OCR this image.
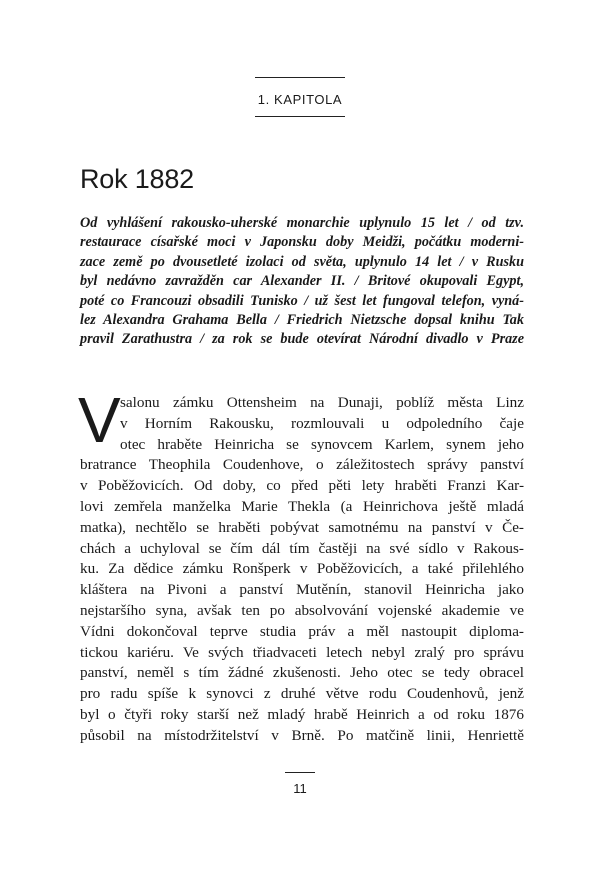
1. KAPITOLA
Rok 1882
Od vyhlášení rakousko-uherské monarchie uplynulo 15 let / od tzv.
restaurace císařské moci v Japonsku doby Meidži, počátku moderni-
zace země po dvousetleté izolaci od světa, uplynulo 14 let / v Rusku
byl nedávno zavražděn car Alexander II. / Britové okupovali Egypt,
poté co Francouzi obsadili Tunisko / už šest let fungoval telefon, vyná-
lez Alexandra Grahama Bella / Friedrich Nietzsche dopsal knihu Tak
pravil Zarathustra / za rok se bude otevírat Národní divadlo v Praze
V salonu zámku Ottensheim na Dunaji, poblíž města Linz
v Horním Rakousku, rozmlouvali u odpoledního čaje
otec hraběte Heinricha se synovcem Karlem, synem jeho
bratrance Theophila Coudenhove, o záležitostech správy panství
v Poběžovicích. Od doby, co před pěti lety hraběti Franzi Kar-
lovi zemřela manželka Marie Thekla (a Heinrichova ještě mladá
matka), nechtělo se hraběti pobývat samotnému na panství v Če-
chách a uchyloval se čím dál tím častěji na své sídlo v Rakous-
ku. Za dědice zámku Ronšperk v Poběžovicích, a také přilehlého
kláštera na Pivoni a panství Mutěnín, stanovil Heinricha jako
nejstaršího syna, avšak ten po absolvování vojenské akademie ve
Vídni dokončoval teprve studia práv a měl nastoupit diploma-
tickou kariéru. Ve svých třiadvaceti letech nebyl zralý pro správu
panství, neměl s tím žádné zkušenosti. Jeho otec se tedy obracel
pro radu spíše k synovci z druhé větve rodu Coudenhovů, jenž
byl o čtyři roky starší než mladý hrabě Heinrich a od roku 1876
působil na místodržitelství v Brně. Po matčině linii, Henriettě
11
